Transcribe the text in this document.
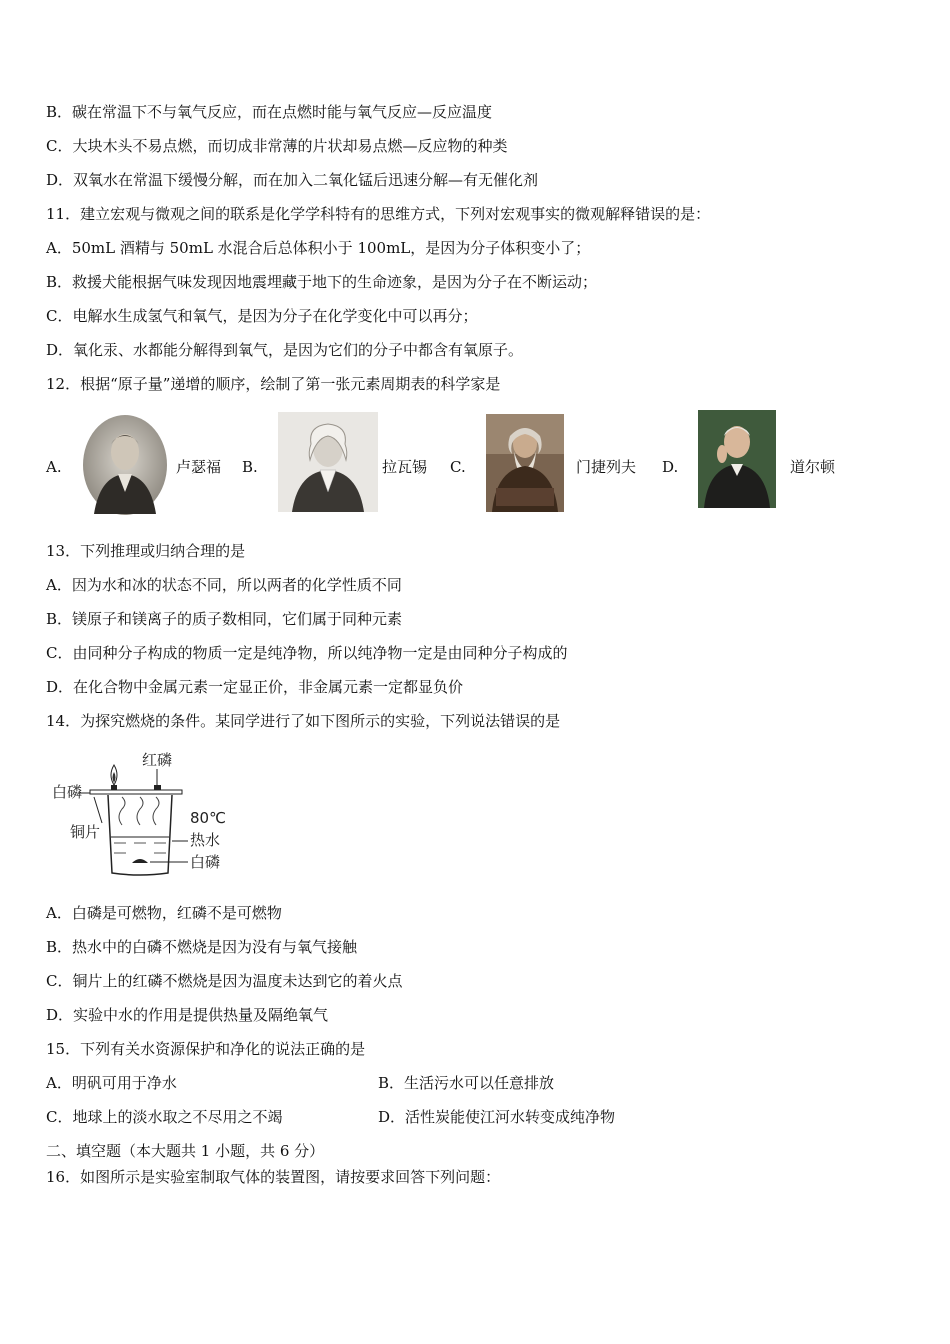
B．碳在常温下不与氧气反应，而在点燃时能与氧气反应—反应温度
C．大块木头不易点燃，而切成非常薄的片状却易点燃—反应物的种类
D．双氧水在常温下缓慢分解，而在加入二氧化锰后迅速分解—有无催化剂
11．建立宏观与微观之间的联系是化学学科特有的思维方式，下列对宏观事实的微观解释错误的是：
A．50mL 酒精与 50mL 水混合后总体积小于 100mL，是因为分子体积变小了；
B．救援犬能根据气味发现因地震埋藏于地下的生命迹象，是因为分子在不断运动；
C．电解水生成氢气和氧气，是因为分子在化学变化中可以再分；
D．氧化汞、水都能分解得到氧气，是因为它们的分子中都含有氧原子。
12．根据“原子量”递增的顺序，绘制了第一张元素周期表的科学家是
A.	卢瑟福 B.	拉瓦锡 C.	门捷列夫 D.	道尔顿
13．下列推理或归纳合理的是
A．因为水和冰的状态不同，所以两者的化学性质不同
B．镁原子和镁离子的质子数相同，它们属于同种元素
C．由同种分子构成的物质一定是纯净物，所以纯净物一定是由同种分子构成的
D．在化合物中金属元素一定显正价，非金属元素一定都显负价
14．为探究燃烧的条件。某同学进行了如下图所示的实验，下列说法错误的是
红磷
白磷
铜片
80℃
热水
白磷
A．白磷是可燃物，红磷不是可燃物
B．热水中的白磷不燃烧是因为没有与氧气接触
C．铜片上的红磷不燃烧是因为温度未达到它的着火点
D．实验中水的作用是提供热量及隔绝氧气
15．下列有关水资源保护和净化的说法正确的是
A．明矾可用于净水	B．生活污水可以任意排放
C．地球上的淡水取之不尽用之不竭	D．活性炭能使江河水转变成纯净物
二、填空题（本大题共 1 小题，共 6 分）
16．如图所示是实验室制取气体的装置图，请按要求回答下列问题：
